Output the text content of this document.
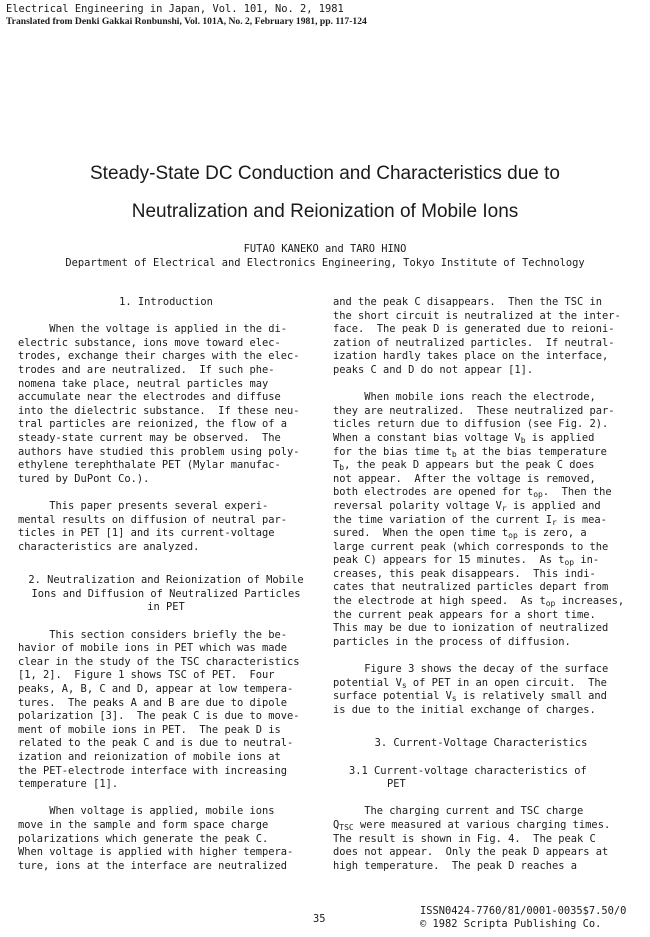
Electrical Engineering in Japan, Vol. 101, No. 2, 1981
Translated from Denki Gakkai Ronbunshi, Vol. 101A, No. 2, February 1981, pp. 117-124
Steady-State DC Conduction and Characteristics due to
Neutralization and Reionization of Mobile Ions
FUTAO KANEKO and TARO HINO
Department of Electrical and Electronics Engineering, Tokyo Institute of Technology
1. Introduction
When the voltage is applied in the di-
electric substance, ions move toward elec-
trodes, exchange their charges with the elec-
trodes and are neutralized.  If such phe-
nomena take place, neutral particles may
accumulate near the electrodes and diffuse
into the dielectric substance.  If these neu-
tral particles are reionized, the flow of a
steady-state current may be observed.  The
authors have studied this problem using poly-
ethylene terephthalate PET (Mylar manufac-
tured by DuPont Co.).
This paper presents several experi-
mental results on diffusion of neutral par-
ticles in PET [1] and its current-voltage
characteristics are analyzed.
2. Neutralization and Reionization of Mobile
Ions and Diffusion of Neutralized Particles
in PET
This section considers briefly the be-
havior of mobile ions in PET which was made
clear in the study of the TSC characteristics
[1, 2].  Figure 1 shows TSC of PET.  Four
peaks, A, B, C and D, appear at low tempera-
tures.  The peaks A and B are due to dipole
polarization [3].  The peak C is due to move-
ment of mobile ions in PET.  The peak D is
related to the peak C and is due to neutral-
ization and reionization of mobile ions at
the PET-electrode interface with increasing
temperature [1].
When voltage is applied, mobile ions
move in the sample and form space charge
polarizations which generate the peak C.
When voltage is applied with higher tempera-
ture, ions at the interface are neutralized
and the peak C disappears.  Then the TSC in
the short circuit is neutralized at the inter-
face.  The peak D is generated due to reioni-
zation of neutralized particles.  If neutral-
ization hardly takes place on the interface,
peaks C and D do not appear [1].
When mobile ions reach the electrode,
they are neutralized.  These neutralized par-
ticles return due to diffusion (see Fig. 2).
When a constant bias voltage $V_b$ is applied
for the bias time $t_b$ at the bias temperature
$T_b$, the peak D appears but the peak C does
not appear.  After the voltage is removed,
both electrodes are opened for $t_{op}$.  Then the
reversal polarity voltage $V_r$ is applied and
the time variation of the current $I_r$ is mea-
sured.  When the open time $t_{op}$ is zero, a
large current peak (which corresponds to the
peak C) appears for 15 minutes.  As $t_{op}$ in-
creases, this peak disappears.  This indi-
cates that neutralized particles depart from
the electrode at high speed.  As $t_{op}$ increases,
the current peak appears for a short time.
This may be due to ionization of neutralized
particles in the process of diffusion.
Figure 3 shows the decay of the surface
potential $V_s$ of PET in an open circuit.  The
surface potential $V_s$ is relatively small and
is due to the initial exchange of charges.
3. Current-Voltage Characteristics
3.1 Current-voltage characteristics of
PET
The charging current and TSC charge
$Q_{TSC}$ were measured at various charging times.
The result is shown in Fig. 4.  The peak C
does not appear.  Only the peak D appears at
high temperature.  The peak D reaches a
35
ISSN0424-7760/81/0001-0035$7.50/0
© 1982 Scripta Publishing Co.
